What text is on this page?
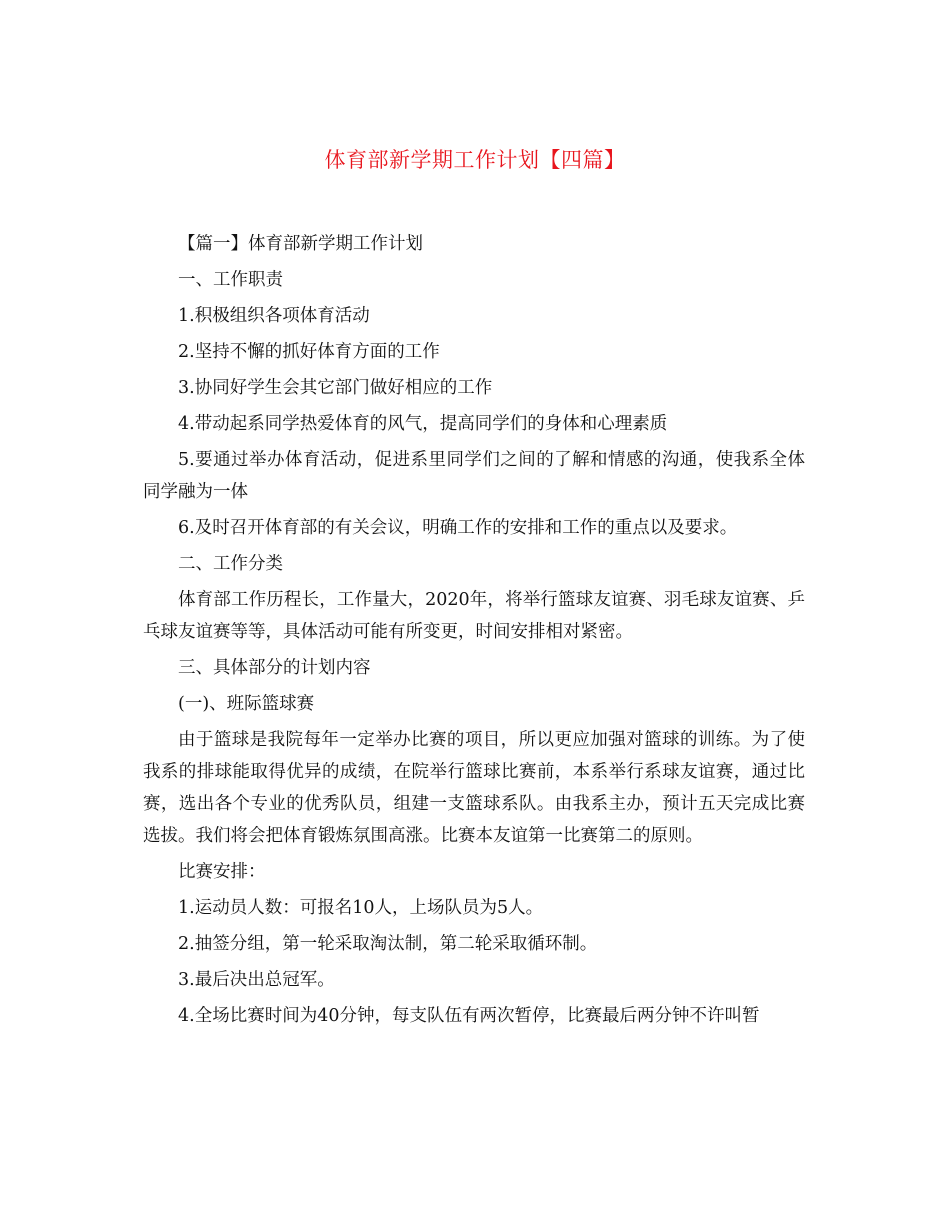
体育部新学期工作计划【四篇】

【篇一】体育部新学期工作计划

一、工作职责

1.积极组织各项体育活动

2.坚持不懈的抓好体育方面的工作

3.协同好学生会其它部门做好相应的工作

4.带动起系同学热爱体育的风气，提高同学们的身体和心理素质

5.要通过举办体育活动，促进系里同学们之间的了解和情感的沟通，使我系全体同学融为一体

6.及时召开体育部的有关会议，明确工作的安排和工作的重点以及要求。

二、工作分类

体育部工作历程长，工作量大，2020年，将举行篮球友谊赛、羽毛球友谊赛、乒乓球友谊赛等等，具体活动可能有所变更，时间安排相对紧密。

三、具体部分的计划内容

(一)、班际篮球赛

由于篮球是我院每年一定举办比赛的项目，所以更应加强对篮球的训练。为了使我系的排球能取得优异的成绩，在院举行篮球比赛前，本系举行系球友谊赛，通过比赛，选出各个专业的优秀队员，组建一支篮球系队。由我系主办，预计五天完成比赛选拔。我们将会把体育锻炼氛围高涨。比赛本友谊第一比赛第二的原则。

比赛安排：

1.运动员人数：可报名10人，上场队员为5人。

2.抽签分组，第一轮采取淘汰制，第二轮采取循环制。

3.最后决出总冠军。

4.全场比赛时间为40分钟，每支队伍有两次暂停，比赛最后两分钟不许叫暂
